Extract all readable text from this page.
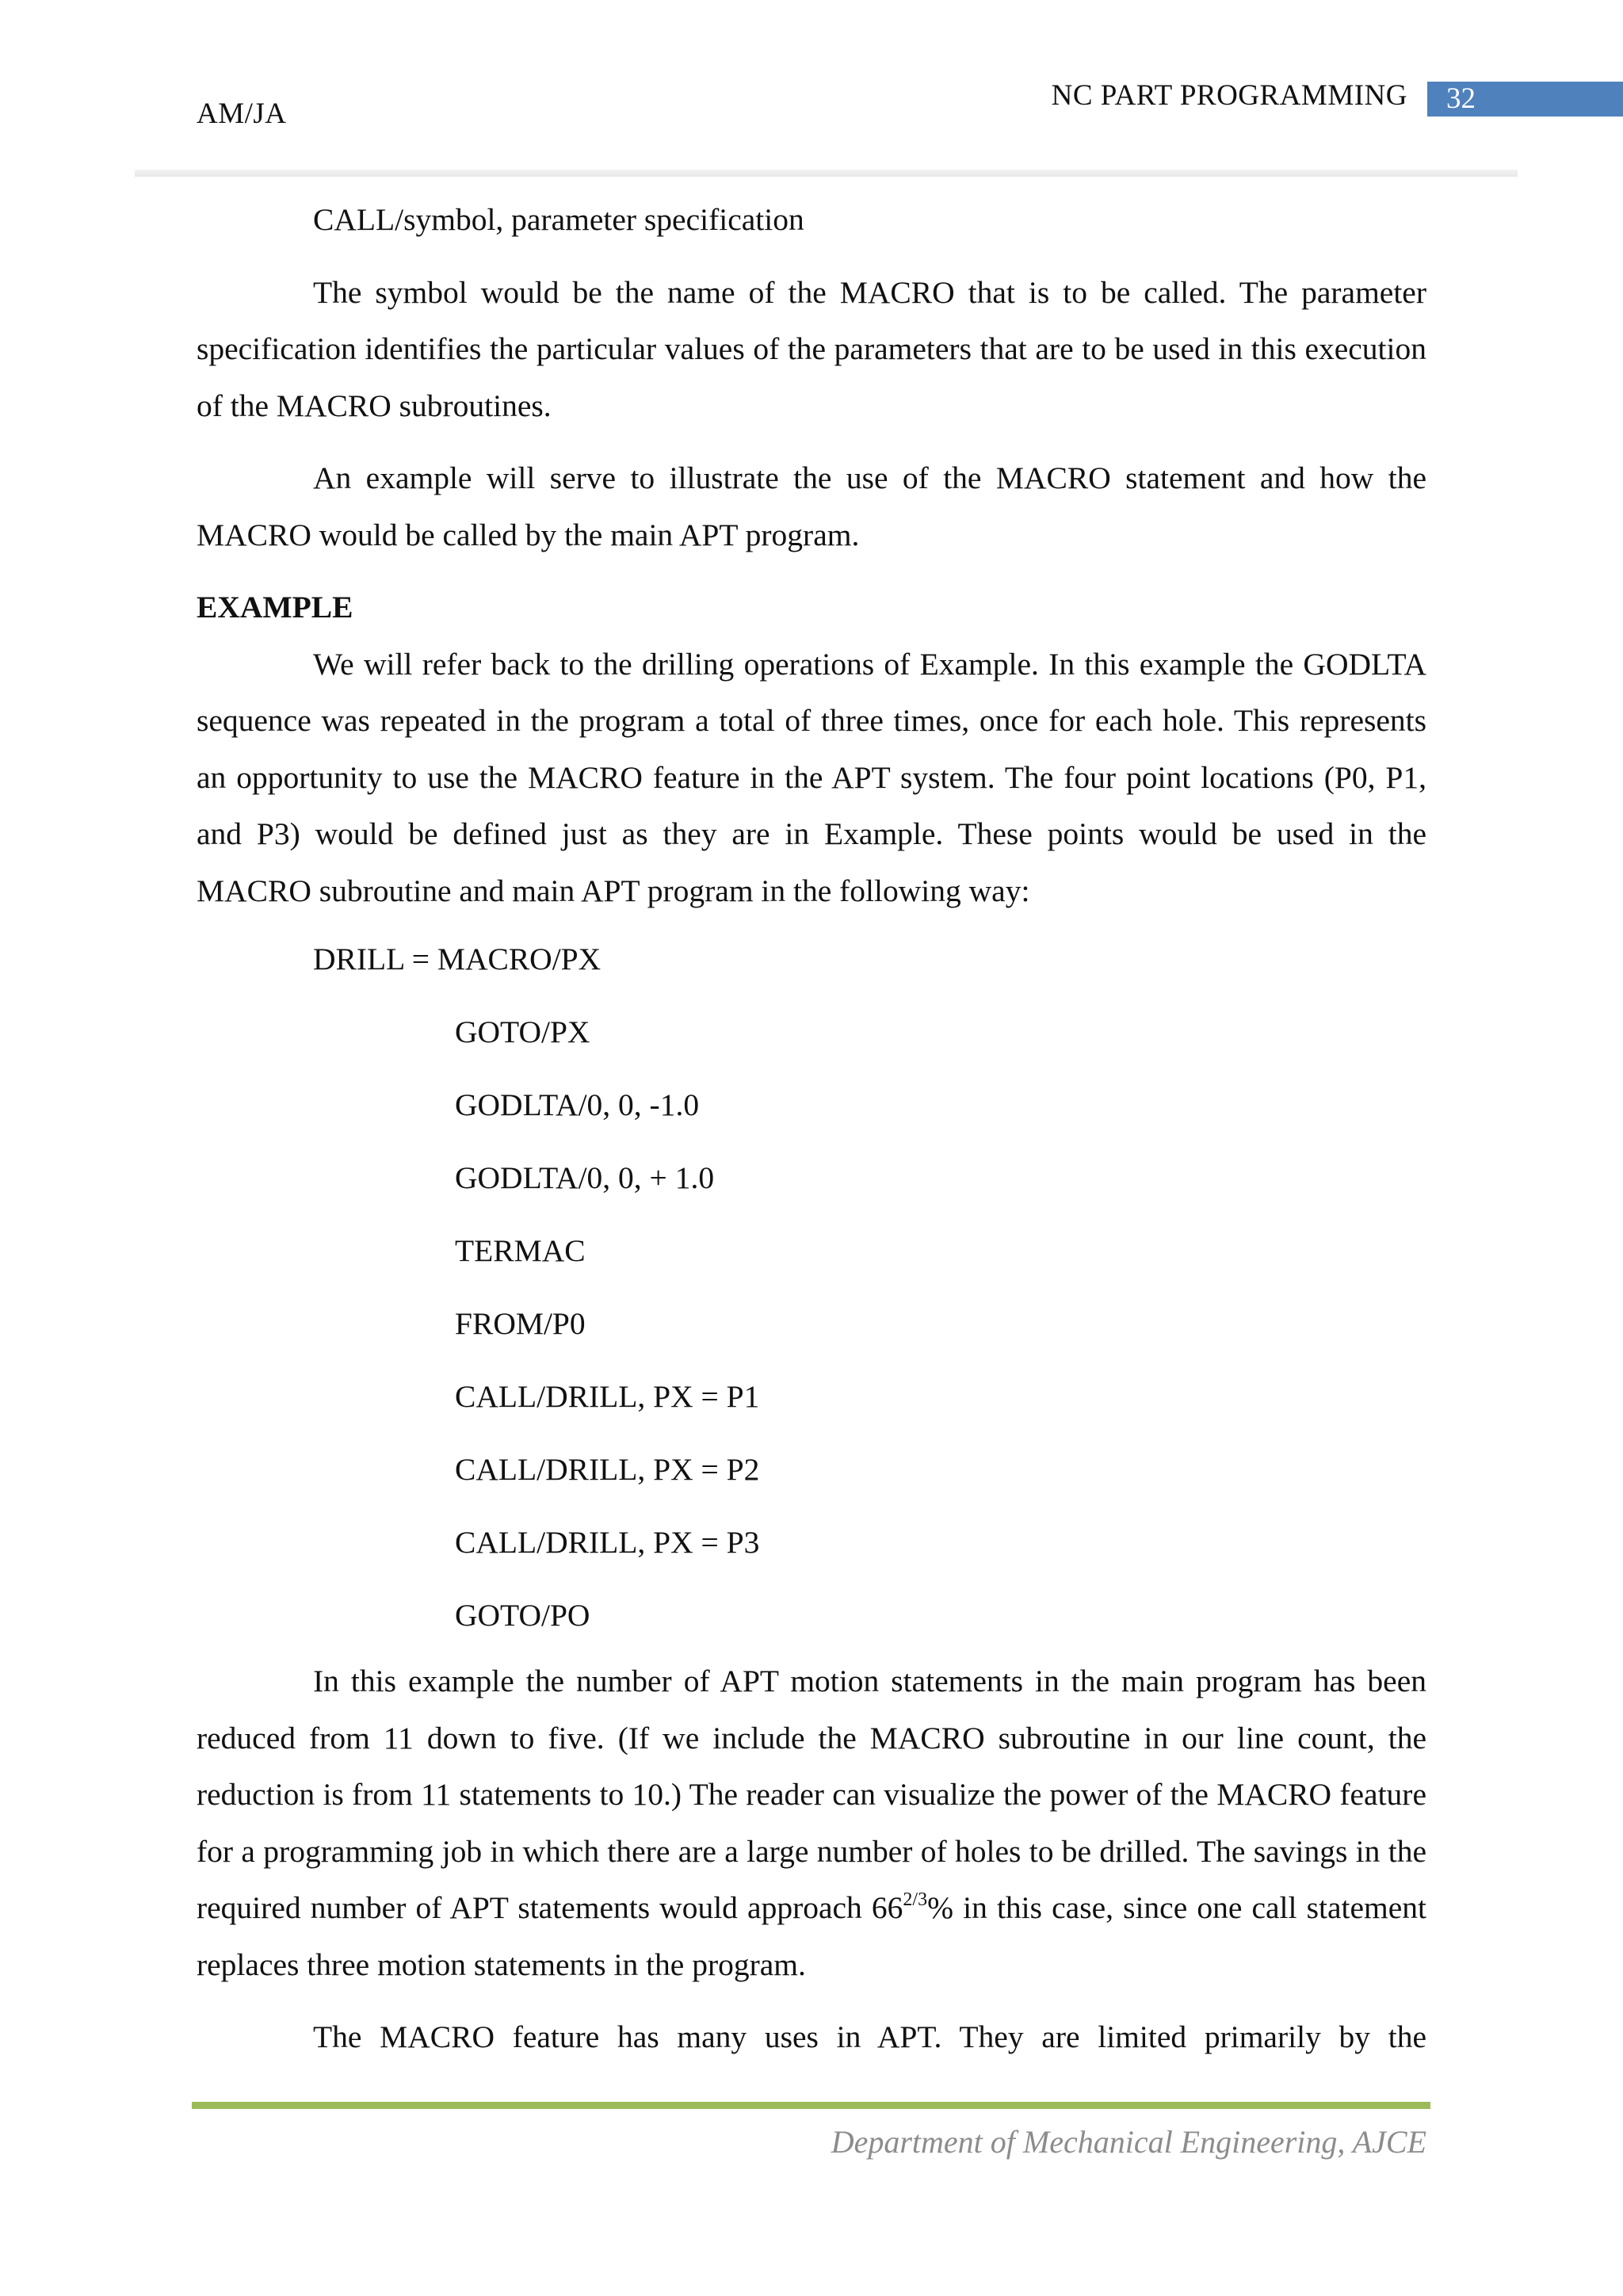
AM/JA
NC PART PROGRAMMING	32

CALL/symbol, parameter specification

The symbol would be the name of the MACRO that is to be called. The parameter specification identifies the particular values of the parameters that are to be used in this execution of the MACRO subroutines.

An example will serve to illustrate the use of the MACRO statement and how the MACRO would be called by the main APT program.

EXAMPLE

We will refer back to the drilling operations of Example. In this example the GODLTA sequence was repeated in the program a total of three times, once for each hole. This represents an opportunity to use the MACRO feature in the APT system. The four point locations (P0, P1, and P3) would be defined just as they are in Example. These points would be used in the MACRO subroutine and main APT program in the following way:

DRILL = MACRO/PX
GOTO/PX
GODLTA/0, 0, -1.0
GODLTA/0, 0, + 1.0
TERMAC
FROM/P0
CALL/DRILL, PX = P1
CALL/DRILL, PX = P2
CALL/DRILL, PX = P3
GOTO/PO

In this example the number of APT motion statements in the main program has been reduced from 11 down to five. (If we include the MACRO subroutine in our line count, the reduction is from 11 statements to 10.) The reader can visualize the power of the MACRO feature for a programming job in which there are a large number of holes to be drilled. The savings in the required number of APT statements would approach $66^{2/3}\%$ in this case, since one call statement replaces three motion statements in the program.

The MACRO feature has many uses in APT. They are limited primarily by the

Department of Mechanical Engineering, AJCE
